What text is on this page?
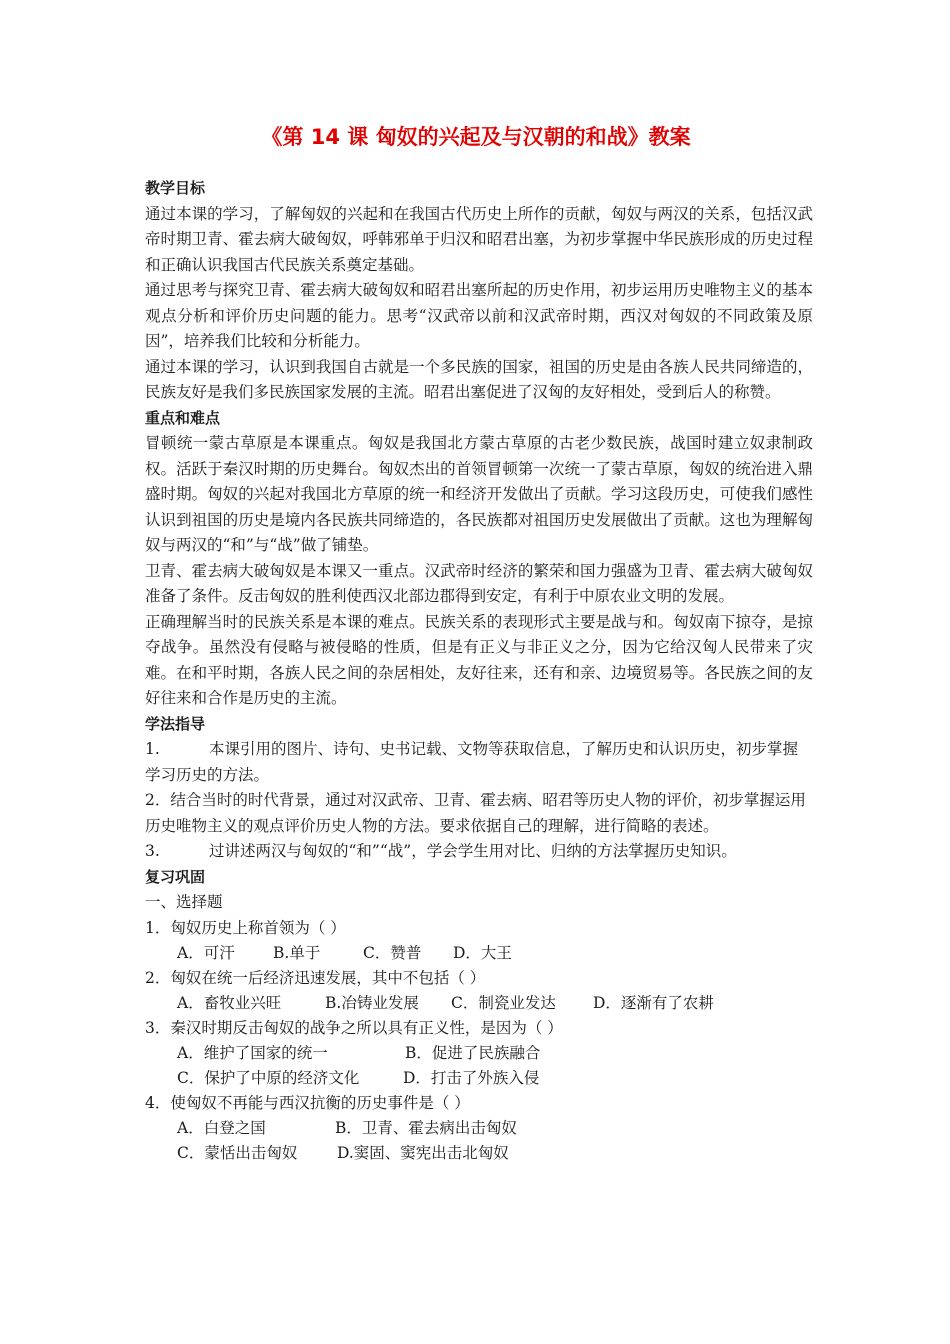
《第 14 课 匈奴的兴起及与汉朝的和战》教案

教学目标

通过本课的学习，了解匈奴的兴起和在我国古代历史上所作的贡献，匈奴与两汉的关系，包括汉武帝时期卫青、霍去病大破匈奴，呼韩邪单于归汉和昭君出塞，为初步掌握中华民族形成的历史过程和正确认识我国古代民族关系奠定基础。

通过思考与探究卫青、霍去病大破匈奴和昭君出塞所起的历史作用，初步运用历史唯物主义的基本观点分析和评价历史问题的能力。思考“汉武帝以前和汉武帝时期，西汉对匈奴的不同政策及原因”，培养我们比较和分析能力。

通过本课的学习，认识到我国自古就是一个多民族的国家，祖国的历史是由各族人民共同缔造的，民族友好是我们多民族国家发展的主流。昭君出塞促进了汉匈的友好相处，受到后人的称赞。

重点和难点

冒顿统一蒙古草原是本课重点。匈奴是我国北方蒙古草原的古老少数民族，战国时建立奴隶制政权。活跃于秦汉时期的历史舞台。匈奴杰出的首领冒顿第一次统一了蒙古草原，匈奴的统治进入鼎盛时期。匈奴的兴起对我国北方草原的统一和经济开发做出了贡献。学习这段历史，可使我们感性认识到祖国的历史是境内各民族共同缔造的，各民族都对祖国历史发展做出了贡献。这也为理解匈奴与两汉的“和”与“战”做了铺垫。

卫青、霍去病大破匈奴是本课又一重点。汉武帝时经济的繁荣和国力强盛为卫青、霍去病大破匈奴准备了条件。反击匈奴的胜利使西汉北部边郡得到安定，有利于中原农业文明的发展。

正确理解当时的民族关系是本课的难点。民族关系的表现形式主要是战与和。匈奴南下掠夺，是掠夺战争。虽然没有侵略与被侵略的性质，但是有正义与非正义之分，因为它给汉匈人民带来了灾难。在和平时期，各族人民之间的杂居相处，友好往来，还有和亲、边境贸易等。各民族之间的友好往来和合作是历史的主流。

学法指导

1.	本课引用的图片、诗句、史书记载、文物等获取信息，了解历史和认识历史，初步掌握学习历史的方法。

2．结合当时的时代背景，通过对汉武帝、卫青、霍去病、昭君等历史人物的评价，初步掌握运用历史唯物主义的观点评价历史人物的方法。要求依据自己的理解，进行简略的表述。

3.	过讲述两汉与匈奴的“和”“战”，学会学生用对比、归纳的方法掌握历史知识。

复习巩固

一、选择题

1．匈奴历史上称首领为（ ）

A．可汗 B.单于	C．赞普 D．大王

2．匈奴在统一后经济迅速发展，其中不包括（ ）

A．畜牧业兴旺	B.冶铸业发展 C．制瓷业发达 D．逐渐有了农耕

3．秦汉时期反击匈奴的战争之所以具有正义性，是因为（ ）

A．维护了国家的统一	B．促进了民族融合

C．保护了中原的经济文化	D．打击了外族入侵

4．使匈奴不再能与西汉抗衡的历史事件是（ ）

A．白登之国	B．卫青、霍去病出击匈奴

C．蒙恬出击匈奴	D.窦固、窦宪出击北匈奴
